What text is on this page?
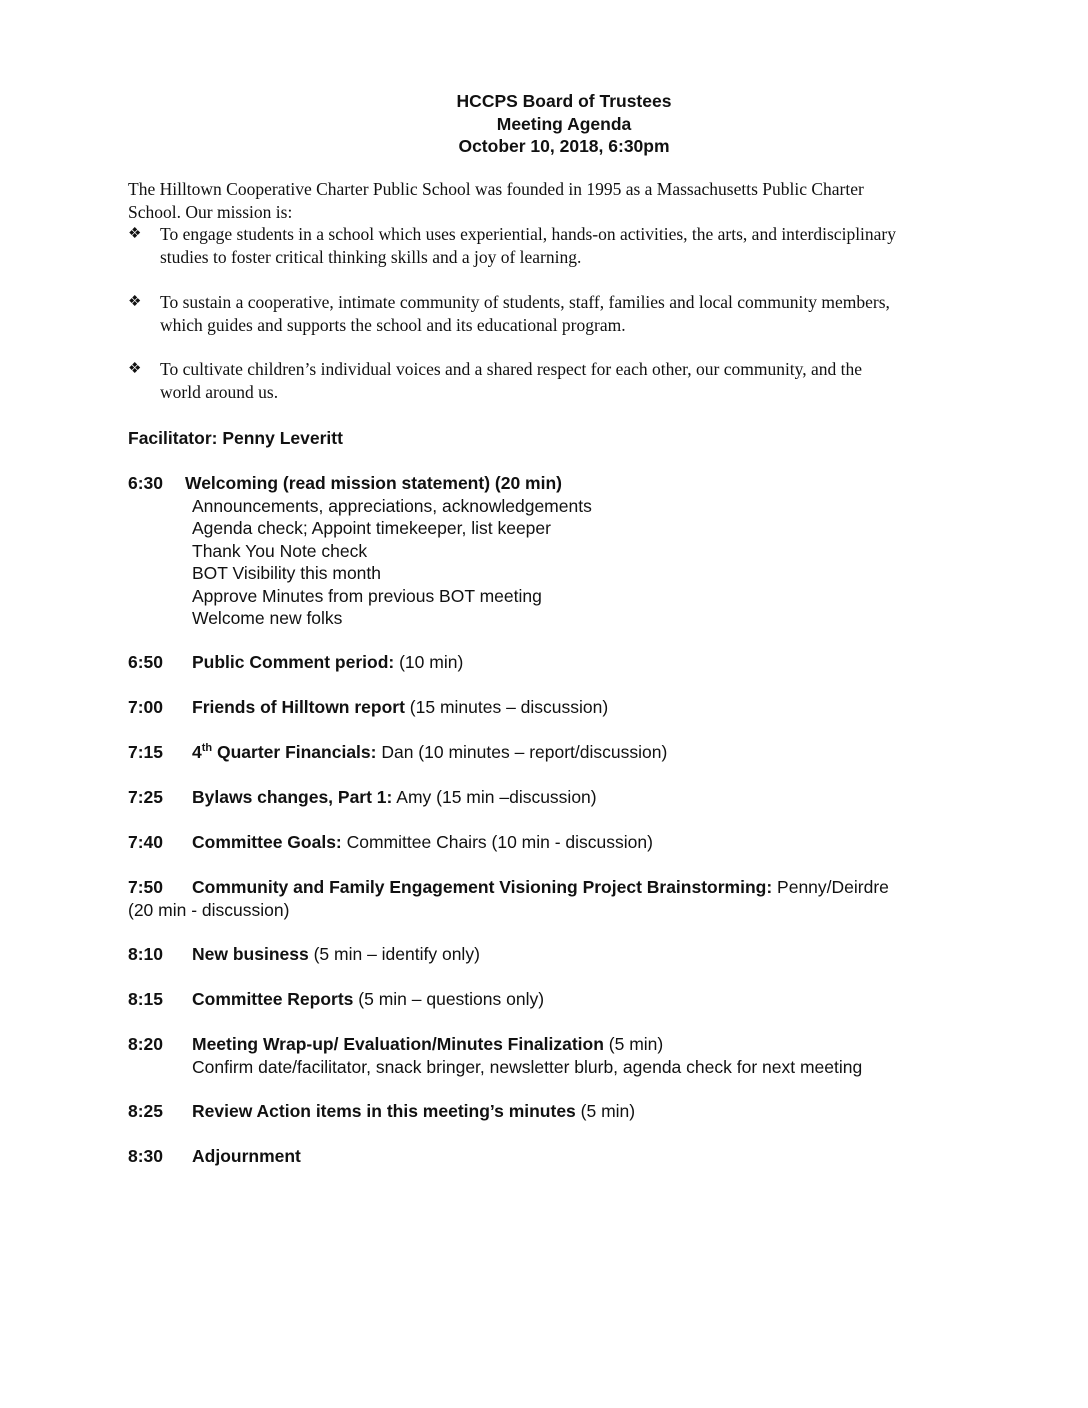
HCCPS Board of Trustees
Meeting Agenda
October 10, 2018, 6:30pm
The Hilltown Cooperative Charter Public School was founded in 1995 as a Massachusetts Public Charter
School. Our mission is:
❖	To engage students in a school which uses experiential, hands-on activities, the arts, and interdisciplinary
studies to foster critical thinking skills and a joy of learning.
❖	To sustain a cooperative, intimate community of students, staff, families and local community members,
which guides and supports the school and its educational program.
❖	To cultivate children’s individual voices and a shared respect for each other, our community, and the
world around us.
Facilitator: Penny Leveritt
6:30 Welcoming (read mission statement) (20 min)
Announcements, appreciations, acknowledgements
Agenda check; Appoint timekeeper, list keeper
Thank You Note check
BOT Visibility this month
Approve Minutes from previous BOT meeting
Welcome new folks
6:50 Public Comment period: (10 min)
7:00 Friends of Hilltown report (15 minutes – discussion)
7:15 4th Quarter Financials: Dan (10 minutes – report/discussion)
7:25 Bylaws changes, Part 1: Amy (15 min –discussion)
7:40 Committee Goals: Committee Chairs (10 min - discussion)
7:50 Community and Family Engagement Visioning Project Brainstorming: Penny/Deirdre
(20 min - discussion)
8:10 New business (5 min – identify only)
8:15 Committee Reports (5 min – questions only)
8:20 Meeting Wrap-up/ Evaluation/Minutes Finalization (5 min)
Confirm date/facilitator, snack bringer, newsletter blurb, agenda check for next meeting
8:25 Review Action items in this meeting’s minutes (5 min)
8:30 Adjournment
